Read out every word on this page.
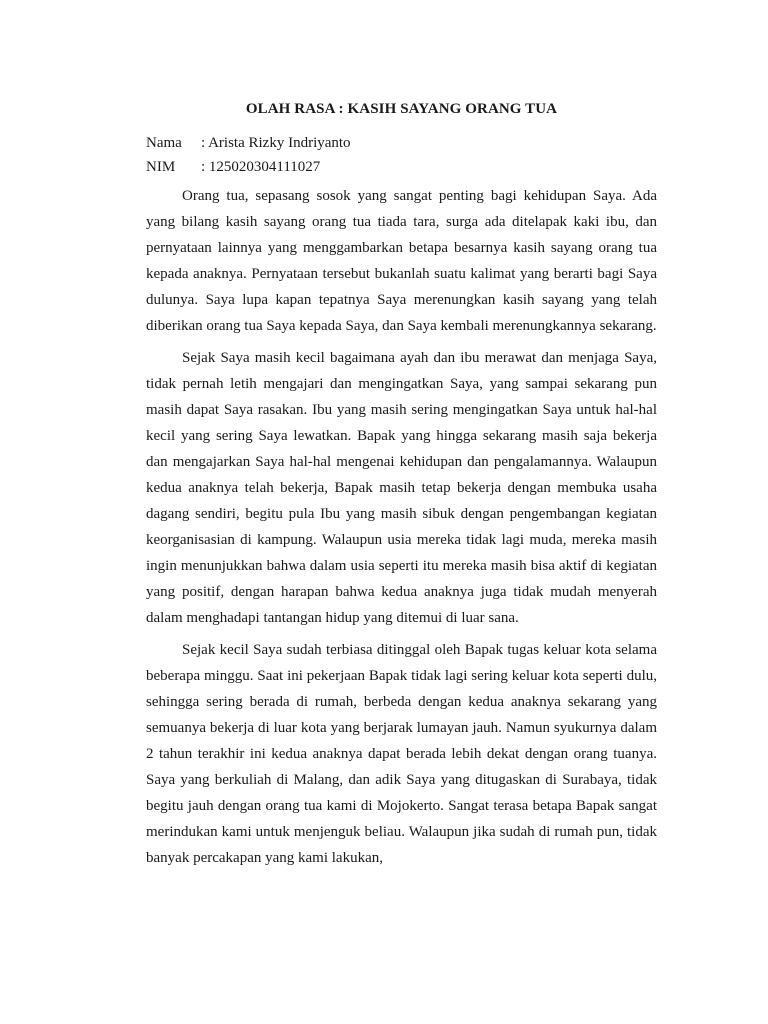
OLAH RASA : KASIH SAYANG ORANG TUA
Nama	: Arista Rizky Indriyanto
NIM	: 125020304111027

Orang tua, sepasang sosok yang sangat penting bagi kehidupan Saya. Ada yang bilang kasih sayang orang tua tiada tara, surga ada ditelapak kaki ibu, dan pernyataan lainnya yang menggambarkan betapa besarnya kasih sayang orang tua kepada anaknya. Pernyataan tersebut bukanlah suatu kalimat yang berarti bagi Saya dulunya. Saya lupa kapan tepatnya Saya merenungkan kasih sayang yang telah diberikan orang tua Saya kepada Saya, dan Saya kembali merenungkannya sekarang.

Sejak Saya masih kecil bagaimana ayah dan ibu merawat dan menjaga Saya, tidak pernah letih mengajari dan mengingatkan Saya, yang sampai sekarang pun masih dapat Saya rasakan. Ibu yang masih sering mengingatkan Saya untuk hal-hal kecil yang sering Saya lewatkan. Bapak yang hingga sekarang masih saja bekerja dan mengajarkan Saya hal-hal mengenai kehidupan dan pengalamannya. Walaupun kedua anaknya telah bekerja, Bapak masih tetap bekerja dengan membuka usaha dagang sendiri, begitu pula Ibu yang masih sibuk dengan pengembangan kegiatan keorganisasian di kampung. Walaupun usia mereka tidak lagi muda, mereka masih ingin menunjukkan bahwa dalam usia seperti itu mereka masih bisa aktif di kegiatan yang positif, dengan harapan bahwa kedua anaknya juga tidak mudah menyerah dalam menghadapi tantangan hidup yang ditemui di luar sana.

Sejak kecil Saya sudah terbiasa ditinggal oleh Bapak tugas keluar kota selama beberapa minggu. Saat ini pekerjaan Bapak tidak lagi sering keluar kota seperti dulu, sehingga sering berada di rumah, berbeda dengan kedua anaknya sekarang yang semuanya bekerja di luar kota yang berjarak lumayan jauh. Namun syukurnya dalam 2 tahun terakhir ini kedua anaknya dapat berada lebih dekat dengan orang tuanya. Saya yang berkuliah di Malang, dan adik Saya yang ditugaskan di Surabaya, tidak begitu jauh dengan orang tua kami di Mojokerto. Sangat terasa betapa Bapak sangat merindukan kami untuk menjenguk beliau. Walaupun jika sudah di rumah pun, tidak banyak percakapan yang kami lakukan,
